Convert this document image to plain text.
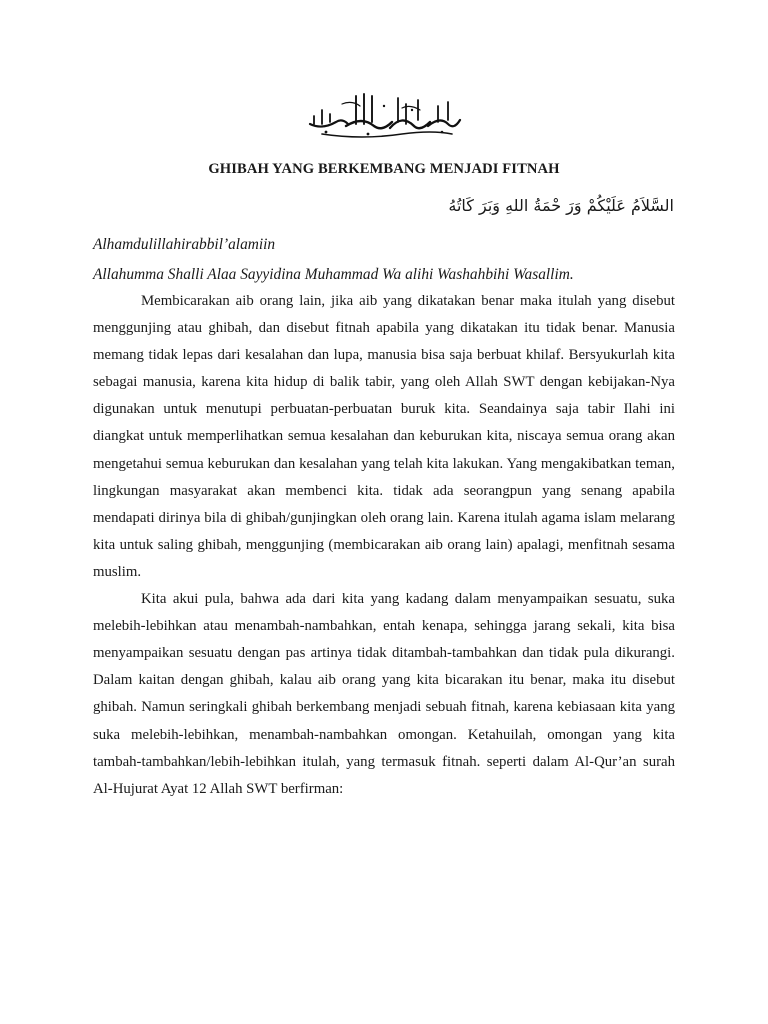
GHIBAH YANG BERKEMBANG MENJADI FITNAH
السَّلاَمُ عَلَيْكُمْ وَرَ حْمَةُ اللهِ وَبَرَ كَاتُهُ
Alhamdulillahirabbil’alamiin
Allahumma Shalli Alaa Sayyidina Muhammad Wa alihi Washahbihi Wasallim.

Membicarakan aib orang lain, jika aib yang dikatakan benar maka itulah yang disebut menggunjing atau ghibah, dan disebut fitnah apabila yang dikatakan itu tidak benar. Manusia memang tidak lepas dari kesalahan dan lupa, manusia bisa saja berbuat khilaf. Bersyukurlah kita sebagai manusia, karena kita hidup di balik tabir, yang oleh Allah SWT dengan kebijakan-Nya digunakan untuk menutupi perbuatan-perbuatan buruk kita. Seandainya saja tabir Ilahi ini diangkat untuk memperlihatkan semua kesalahan dan keburukan kita, niscaya semua orang akan mengetahui semua keburukan dan kesalahan yang telah kita lakukan. Yang mengakibatkan teman, lingkungan masyarakat akan membenci kita. tidak ada seorangpun yang senang apabila mendapati dirinya bila di ghibah/gunjingkan oleh orang lain. Karena itulah agama islam melarang kita untuk saling ghibah, menggunjing (membicarakan aib orang lain) apalagi, menfitnah sesama muslim.

Kita akui pula, bahwa ada dari kita yang kadang dalam menyampaikan sesuatu, suka melebih-lebihkan atau menambah-nambahkan, entah kenapa, sehingga jarang sekali, kita bisa menyampaikan sesuatu dengan pas artinya tidak ditambah-tambahkan dan tidak pula dikurangi. Dalam kaitan dengan ghibah, kalau aib orang yang kita bicarakan itu benar, maka itu disebut ghibah. Namun seringkali ghibah berkembang menjadi sebuah fitnah, karena kebiasaan kita yang suka melebih-lebihkan, menambah-nambahkan omongan. Ketahuilah, omongan yang kita tambah-tambahkan/lebih-lebihkan itulah, yang termasuk fitnah. seperti dalam Al-Qur’an surah Al-Hujurat Ayat 12 Allah SWT berfirman:
